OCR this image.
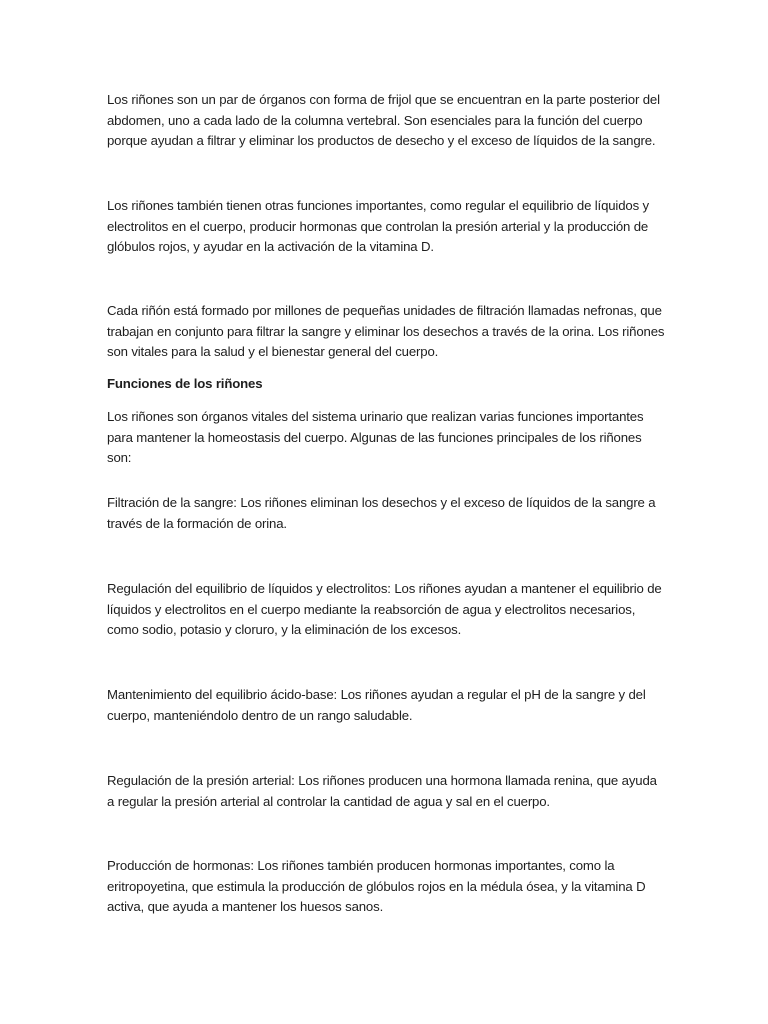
Los riñones son un par de órganos con forma de frijol que se encuentran en la parte posterior del abdomen, uno a cada lado de la columna vertebral. Son esenciales para la función del cuerpo porque ayudan a filtrar y eliminar los productos de desecho y el exceso de líquidos de la sangre.

Los riñones también tienen otras funciones importantes, como regular el equilibrio de líquidos y electrolitos en el cuerpo, producir hormonas que controlan la presión arterial y la producción de glóbulos rojos, y ayudar en la activación de la vitamina D.

Cada riñón está formado por millones de pequeñas unidades de filtración llamadas nefronas, que trabajan en conjunto para filtrar la sangre y eliminar los desechos a través de la orina. Los riñones son vitales para la salud y el bienestar general del cuerpo.

Funciones de los riñones

Los riñones son órganos vitales del sistema urinario que realizan varias funciones importantes para mantener la homeostasis del cuerpo. Algunas de las funciones principales de los riñones son:

Filtración de la sangre: Los riñones eliminan los desechos y el exceso de líquidos de la sangre a través de la formación de orina.

Regulación del equilibrio de líquidos y electrolitos: Los riñones ayudan a mantener el equilibrio de líquidos y electrolitos en el cuerpo mediante la reabsorción de agua y electrolitos necesarios, como sodio, potasio y cloruro, y la eliminación de los excesos.

Mantenimiento del equilibrio ácido-base: Los riñones ayudan a regular el pH de la sangre y del cuerpo, manteniéndolo dentro de un rango saludable.

Regulación de la presión arterial: Los riñones producen una hormona llamada renina, que ayuda a regular la presión arterial al controlar la cantidad de agua y sal en el cuerpo.

Producción de hormonas: Los riñones también producen hormonas importantes, como la eritropoyetina, que estimula la producción de glóbulos rojos en la médula ósea, y la vitamina D activa, que ayuda a mantener los huesos sanos.
